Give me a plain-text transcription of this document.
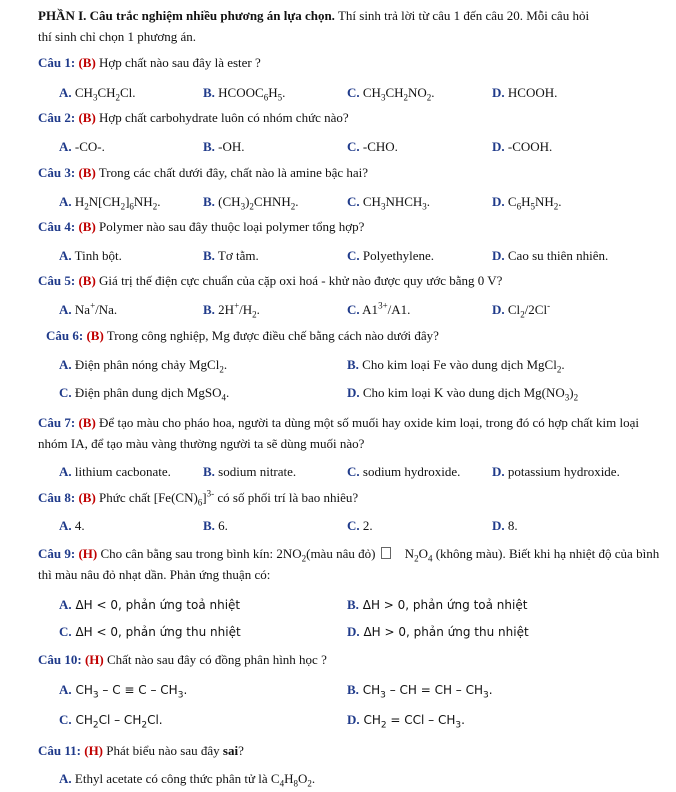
PHẦN I. Câu trắc nghiệm nhiều phương án lựa chọn. Thí sinh trả lời từ câu 1 đến câu 20. Mỗi câu hỏi
thí sinh chỉ chọn 1 phương án.
Câu 1: (B) Hợp chất nào sau đây là ester ?
A. $CH_3CH_2Cl$.	B. $HCOOC_6H_5$.	C. $CH_3CH_2NO_2$.	D. HCOOH.
Câu 2: (B) Hợp chất carbohydrate luôn có nhóm chức nào?
A. -CO-.	B. -OH.	C. -CHO.	D. -COOH.
Câu 3: (B) Trong các chất dưới đây, chất nào là amine bậc hai?
A. $H_2N[CH_2]_6NH_2$.	B. $(CH_3)_2CHNH_2$.	C. $CH_3NHCH_3$.	D. $C_6H_5NH_2$.
Câu 4: (B) Polymer nào sau đây thuộc loại polymer tổng hợp?
A. Tinh bột.	B. Tơ tằm.	C. Polyethylene.	D. Cao su thiên nhiên.
Câu 5: (B) Giá trị thế điện cực chuẩn của cặp oxi hoá - khử nào được quy ước bằng 0 V?
A. Na+/Na.	B. $2H^+/H_2$.	C. $A1^{3+}/A1$.	D. $Cl_2/2Cl^-$
Câu 6: (B) Trong công nghiệp, Mg được điều chế bằng cách nào dưới đây?
A. Điện phân nóng chảy MgCl$_2$.	B. Cho kim loại Fe vào dung dịch MgCl$_2$.
C. Điện phân dung dịch MgSO$_4$.	D. Cho kim loại K vào dung dịch $Mg(NO_3)_2$
Câu 7: (B) Để tạo màu cho pháo hoa, người ta dùng một số muối hay oxide kim loại, trong đó có hợp chất kim loại nhóm IA, để tạo màu vàng thường người ta sẽ dùng muối nào?
A. lithium cacbonate. B. sodium nitrate.	C. sodium hydroxide. D. potassium hydroxide.
Câu 8: (B) Phức chất $[Fe(CN)_6]^{3-}$ có số phối trí là bao nhiêu?
A. 4.	B. 6.	C. 2.	D. 8.
Câu 9: (H) Cho cân bằng sau trong bình kín: $2NO_2(màu$ nâu đỏ) $N_2O_4$ (không màu). Biết khi hạ nhiệt độ của bình thì màu nâu đỏ nhạt dần. Phản ứng thuận có:
A. ΔH < 0, phản ứng toả nhiệt	B. ΔH > 0, phản ứng toả nhiệt
C. ΔH < 0, phản ứng thu nhiệt	D. ΔH > 0, phản ứng thu nhiệt
Câu 10: (H) Chất nào sau đây có đồng phân hình học ?
A. $CH_3 - C \equiv C - CH_3$.	B. $CH_3$ – CH = CH – $CH_3$.
C. $CH_2Cl - CH_2Cl$.	D. $CH_2$ = CCl – $CH_3$.
Câu 11: (H) Phát biểu nào sau đây sai?
A. Ethyl acetate có công thức phân tử là $C_4H_8O_2$.
